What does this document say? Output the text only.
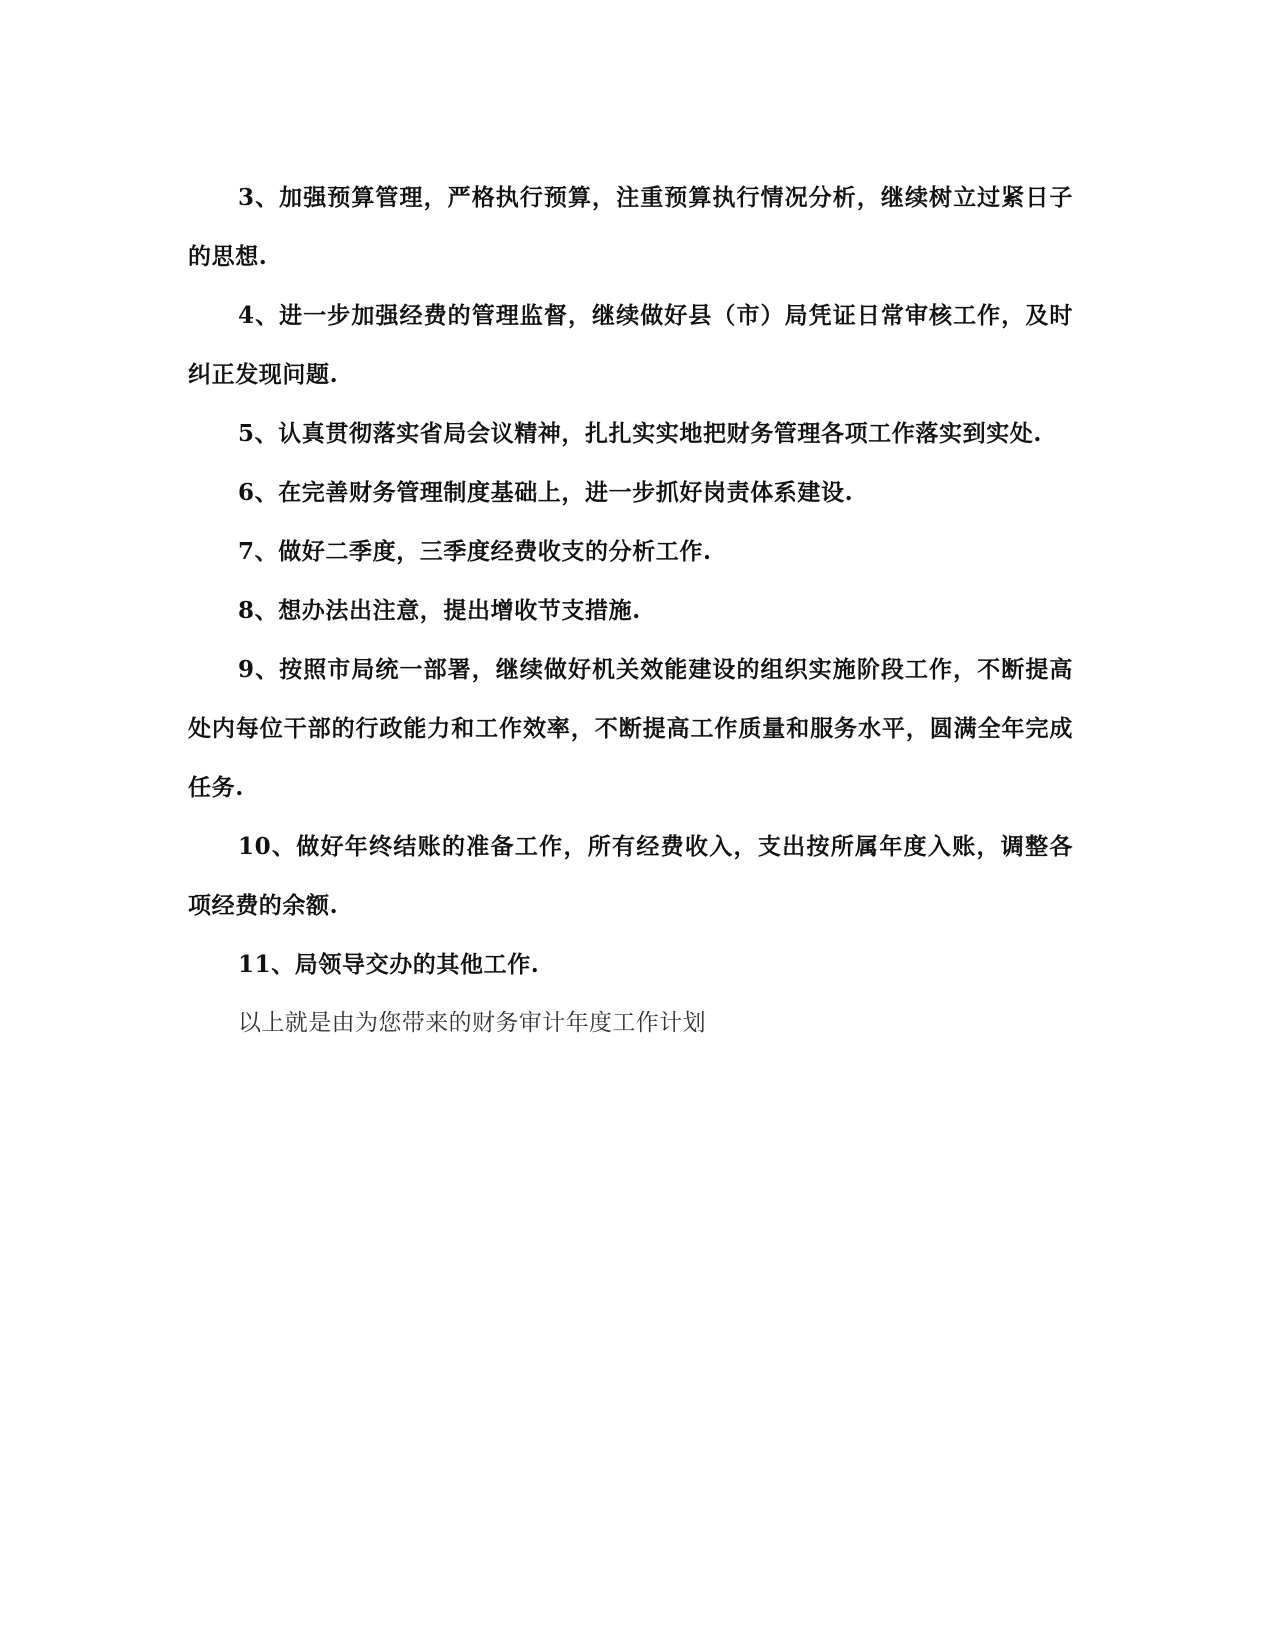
3、加强预算管理，严格执行预算，注重预算执行情况分析，继续树立过紧日子的思想.

4、进一步加强经费的管理监督，继续做好县（市）局凭证日常审核工作，及时纠正发现问题.

5、认真贯彻落实省局会议精神，扎扎实实地把财务管理各项工作落实到实处.

6、在完善财务管理制度基础上，进一步抓好岗责体系建设.

7、做好二季度，三季度经费收支的分析工作.

8、想办法出注意，提出增收节支措施.

9、按照市局统一部署，继续做好机关效能建设的组织实施阶段工作，不断提高处内每位干部的行政能力和工作效率，不断提高工作质量和服务水平，圆满全年完成任务.

10、做好年终结账的准备工作，所有经费收入，支出按所属年度入账，调整各项经费的余额.

11、局领导交办的其他工作.

以上就是由为您带来的财务审计年度工作计划
